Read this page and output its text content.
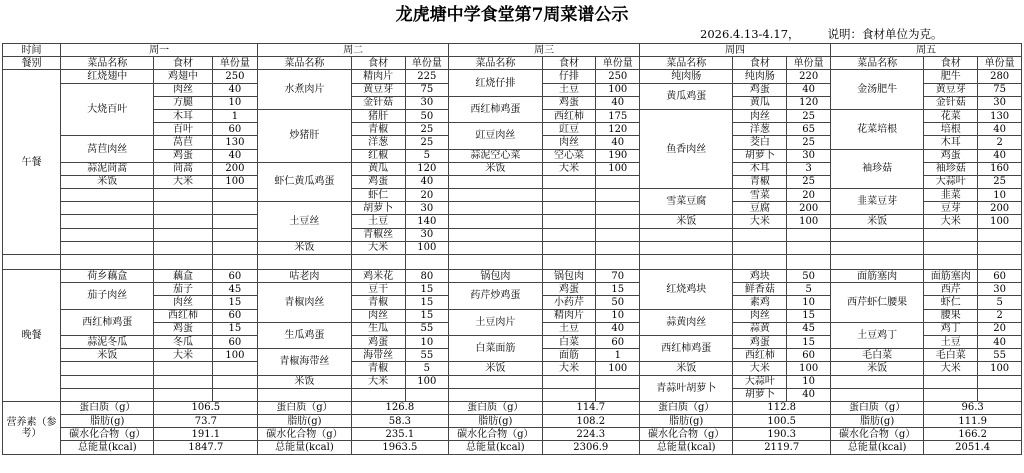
龙虎塘中学食堂第7周菜谱公示
2026.4.13-4.17， 说明：食材单位为克。
时间	周一			周二			周三			周四			周五		
餐别	菜品名称	食材	单份量	菜品名称	食材	单份量	菜品名称	食材	单份量	菜品名称	食材	单份量	菜品名称	食材	单份量
午餐	红烧翅中	鸡翅中	250	水煮肉片	精肉片	225	红烧仔排	仔排	250	纯肉肠	纯肉肠	220	金汤肥牛	肥牛	280
	大烧百叶	肉丝	40		黄豆芽	75		土豆	100	黄瓜鸡蛋	鸡蛋	40		黄豆芽	75
		方腿	10		金针菇	30	西红柿鸡蛋	鸡蛋	40		黄瓜	120		金针菇	30
		木耳	1	炒猪肝	猪肝	50		西红柿	175	鱼香肉丝	肉丝	25	花菜培根	花菜	130
		百叶	60		青椒	25	豇豆肉丝	豇豆	120		洋葱	65		培根	40
	莴苣肉丝	莴苣	130		洋葱	25		肉丝	40		茭白	25		木耳	2
		鸡蛋	40		红椒	5	蒜泥空心菜	空心菜	190		胡萝卜	30	袖珍菇	鸡蛋	40
	蒜泥茼蒿	茼蒿	200	虾仁黄瓜鸡蛋	黄瓜	120	米饭	大米	100		木耳	3		袖珍菇	160
	米饭	大米	100		鸡蛋	40					青椒	25		大蒜叶	25
					虾仁	20				雪菜豆腐	雪菜	20	韭菜豆芽	韭菜	10
				土豆丝	胡萝卜	30					豆腐	200		豆芽	200
					土豆	140				米饭	大米	100	米饭	大米	100
					青椒丝	30									
				米饭	大米	100									

晚餐	荷乡藕盒	藕盒	60	咕老肉	鸡米花	80	锅包肉	锅包肉	70	红烧鸡块	鸡块	50	面筋塞肉	面筋塞肉	60
	茄子肉丝	茄子	45	青椒肉丝	豆干	15	药芹炒鸡蛋	鸡蛋	15		鲜香菇	5	西芹虾仁腰果	西芹	30
		肉丝	15		青椒	15		小药芹	50		素鸡	10		虾仁	5
	西红柿鸡蛋	西红柿	60		肉丝	15	土豆肉片	精肉片	10	蒜黄肉丝	肉丝	15		腰果	2
		鸡蛋	15	生瓜鸡蛋	生瓜	55		土豆	40		蒜黄	45	土豆鸡丁	鸡丁	20
	蒜泥冬瓜	冬瓜	60		鸡蛋	10	白菜面筋	白菜	60	西红柿鸡蛋	鸡蛋	15		土豆	40
	米饭	大米	100	青椒海带丝	海带丝	55		面筋	1		西红柿	60	毛白菜	毛白菜	55
					青椒	5	米饭	大米	100	米饭	大米	100	米饭	大米	100
				米饭	大米	100				青蒜叶胡萝卜	大蒜叶	10			
											胡萝卜	40			
营养素（参考）	蛋白质（g）	106.5		蛋白质（g）	126.8		蛋白质（g）	114.7		蛋白质（g）	112.8		蛋白质（g）	96.3	
	脂肪(g)	73.7		脂肪(g)	58.3		脂肪(g)	108.2		脂肪(g)	100.5		脂肪(g)	111.9	
	碳水化合物（g）	191.1		碳水化合物（g）	235.1		碳水化合物（g）	224.3		碳水化合物（g）	190.3		碳水化合物（g）	166.2	
	总能量(kcal)	1847.7		总能量(kcal)	1963.5		总能量(kcal)	2306.9		总能量(kcal)	2119.7		总能量(kcal)	2051.4	
